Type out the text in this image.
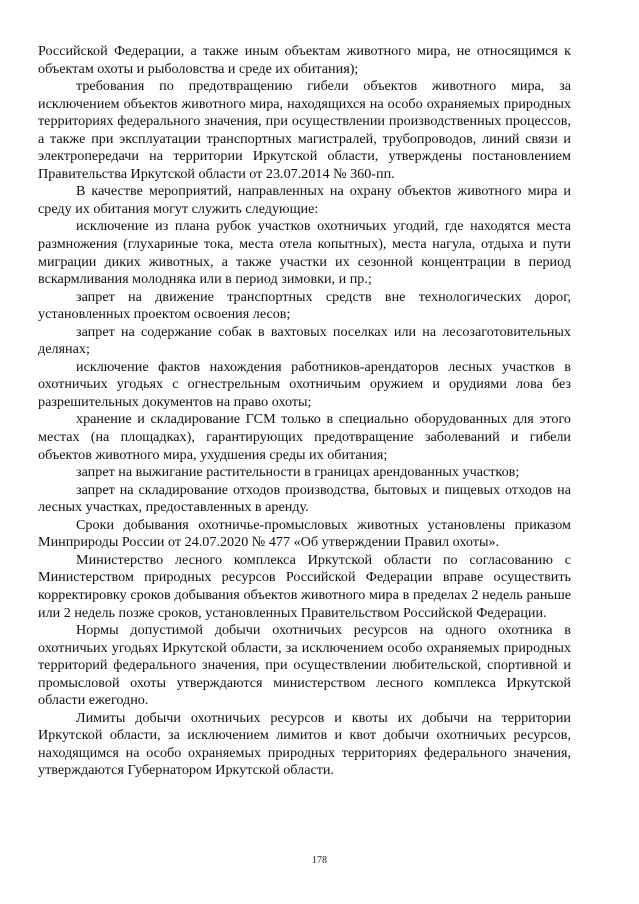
Российской Федерации, а также иным объектам животного мира, не относящимся к объектам охоты и рыболовства и среде их обитания);

требования по предотвращению гибели объектов животного мира, за исключением объектов животного мира, находящихся на особо охраняемых природных территориях федерального значения, при осуществлении производственных процессов, а также при эксплуатации транспортных магистралей, трубопроводов, линий связи и электропередачи на территории Иркутской области, утверждены постановлением Правительства Иркутской области от 23.07.2014 № 360-пп.

В качестве мероприятий, направленных на охрану объектов животного мира и среду их обитания могут служить следующие:

исключение из плана рубок участков охотничьих угодий, где находятся места размножения (глухариные тока, места отела копытных), места нагула, отдыха и пути миграции диких животных, а также участки их сезонной концентрации в период вскармливания молодняка или в период зимовки, и пр.;

запрет на движение транспортных средств вне технологических дорог, установленных проектом освоения лесов;

запрет на содержание собак в вахтовых поселках или на лесозаготовительных делянах;

исключение фактов нахождения работников-арендаторов лесных участков в охотничьих угодьях с огнестрельным охотничьим оружием и орудиями лова без разрешительных документов на право охоты;

хранение и складирование ГСМ только в специально оборудованных для этого местах (на площадках), гарантирующих предотвращение заболеваний и гибели объектов животного мира, ухудшения среды их обитания;

запрет на выжигание растительности в границах арендованных участков;

запрет на складирование отходов производства, бытовых и пищевых отходов на лесных участках, предоставленных в аренду.

Сроки добывания охотничье-промысловых животных установлены приказом Минприроды России от 24.07.2020 № 477 «Об утверждении Правил охоты».

Министерство лесного комплекса Иркутской области по согласованию с Министерством природных ресурсов Российской Федерации вправе осуществить корректировку сроков добывания объектов животного мира в пределах 2 недель раньше или 2 недель позже сроков, установленных Правительством Российской Федерации.

Нормы допустимой добычи охотничьих ресурсов на одного охотника в охотничьих угодьях Иркутской области, за исключением особо охраняемых природных территорий федерального значения, при осуществлении любительской, спортивной и промысловой охоты утверждаются министерством лесного комплекса Иркутской области ежегодно.

Лимиты добычи охотничьих ресурсов и квоты их добычи на территории Иркутской области, за исключением лимитов и квот добычи охотничьих ресурсов, находящимся на особо охраняемых природных территориях федерального значения, утверждаются Губернатором Иркутской области.

178
